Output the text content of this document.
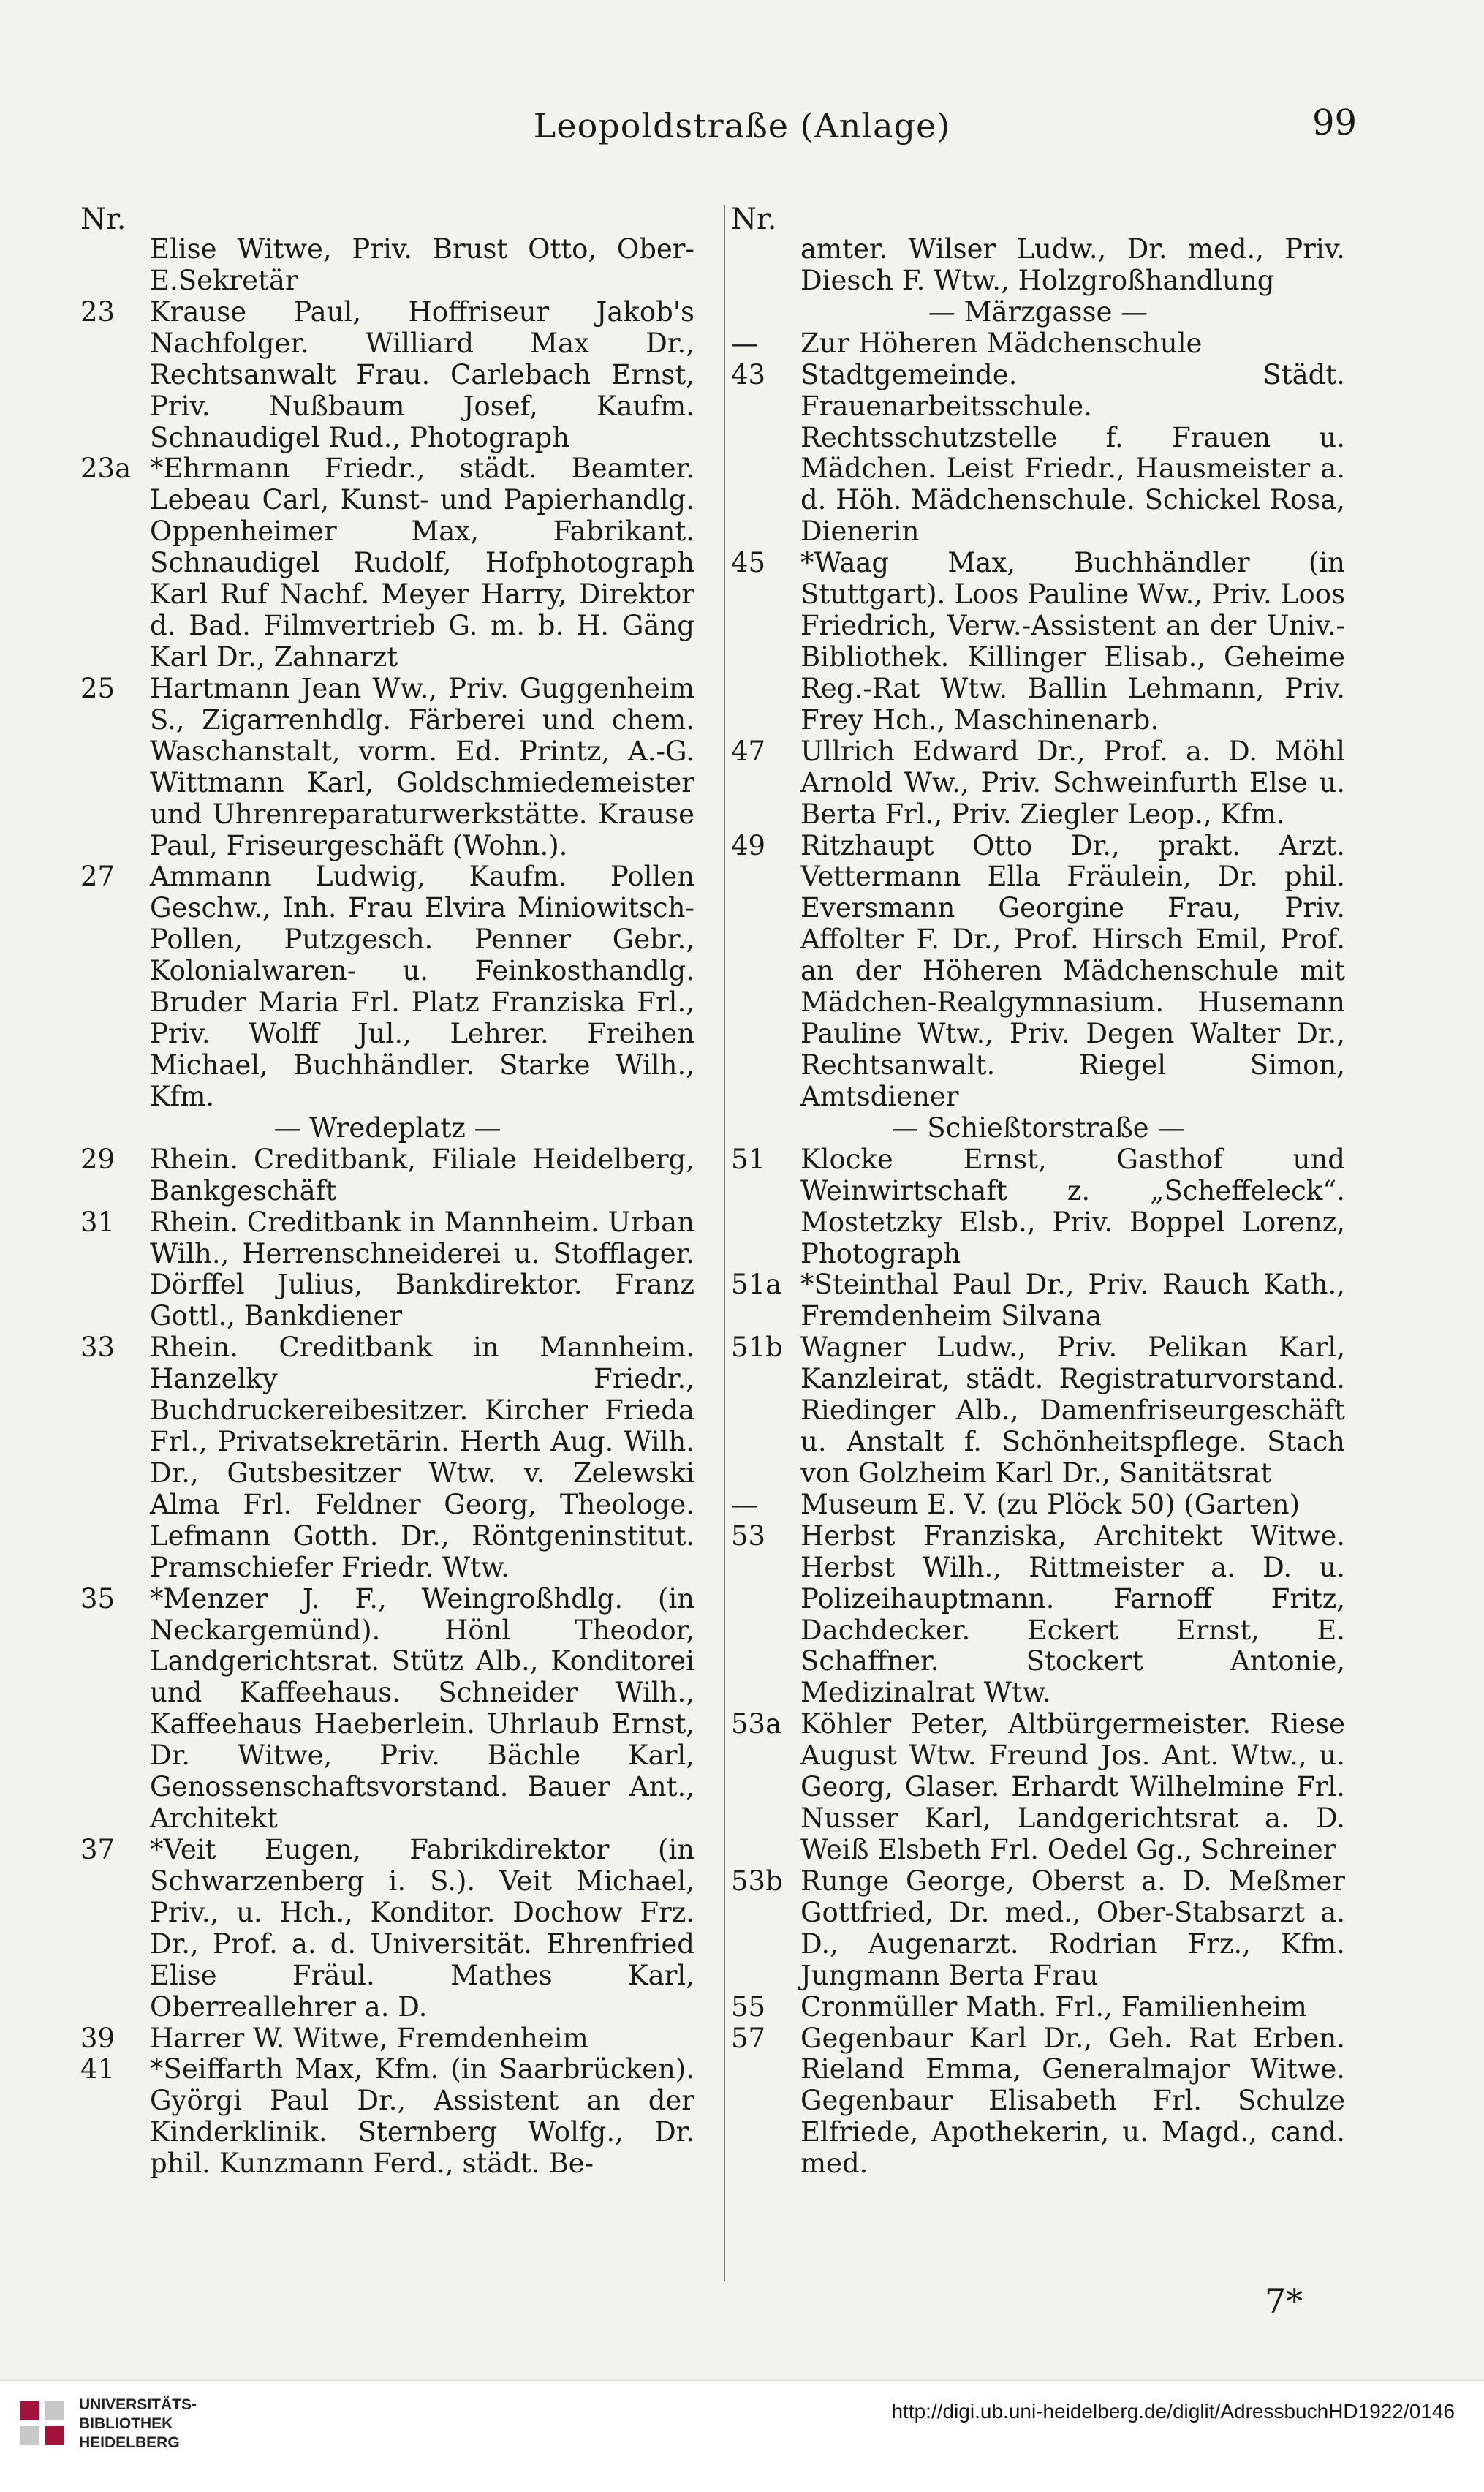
Leopoldstraße (Anlage)	99
Nr.
Elise Witwe, Priv. Brust Otto, Ober-E.Sekretär
23	Krause Paul, Hoffriseur Jakob's Nachfolger. Williard Max Dr., Rechtsanwalt Frau. Carlebach Ernst, Priv. Nußbaum Josef, Kaufm. Schnaudigel Rud., Photograph
23a *Ehrmann Friedr., städt. Beamter. Lebeau Carl, Kunst- und Papierhandlg. Oppenheimer Max, Fabrikant. Schnaudigel Rudolf, Hofphotograph Karl Ruf Nachf. Meyer Harry, Direktor d. Bad. Filmvertrieb G. m. b. H. Gäng Karl Dr., Zahnarzt
25	Hartmann Jean Ww., Priv. Guggenheim S., Zigarrenhdlg. Färberei und chem. Waschanstalt, vorm. Ed. Printz, A.-G. Wittmann Karl, Goldschmiedemeister und Uhrenreparaturwerkstätte. Krause Paul, Friseurgeschäft (Wohn.).
27	Ammann Ludwig, Kaufm. Pollen Geschw., Inh. Frau Elvira Miniowitsch-Pollen, Putzgesch. Penner Gebr., Kolonialwaren- u. Feinkosthandlg. Bruder Maria Frl. Platz Franziska Frl., Priv. Wolff Jul., Lehrer. Freihen Michael, Buchhändler. Starke Wilh., Kfm.
— Wredeplatz —
29	Rhein. Creditbank, Filiale Heidelberg, Bankgeschäft
31	Rhein. Creditbank in Mannheim. Urban Wilh., Herrenschneiderei u. Stofflager. Dörffel Julius, Bankdirektor. Franz Gottl., Bankdiener
33	Rhein. Creditbank in Mannheim. Hanzelky Friedr., Buchdruckereibesitzer. Kircher Frieda Frl., Privatsekretärin. Herth Aug. Wilh. Dr., Gutsbesitzer Wtw. v. Zelewski Alma Frl. Feldner Georg, Theologe. Lefmann Gotth. Dr., Röntgeninstitut. Pramschiefer Friedr. Wtw.
35	*Menzer J. F., Weingroßhdlg. (in Neckargemünd). Hönl Theodor, Landgerichtsrat. Stütz Alb., Konditorei und Kaffeehaus. Schneider Wilh., Kaffeehaus Haeberlein. Uhrlaub Ernst, Dr. Witwe, Priv. Bächle Karl, Genossenschaftsvorstand. Bauer Ant., Architekt
37	*Veit Eugen, Fabrikdirektor (in Schwarzenberg i. S.). Veit Michael, Priv., u. Hch., Konditor. Dochow Frz. Dr., Prof. a. d. Universität. Ehrenfried Elise Fräul. Mathes Karl, Oberreallehrer a. D.
39	Harrer W. Witwe, Fremdenheim
41	*Seiffarth Max, Kfm. (in Saarbrücken). Györgi Paul Dr., Assistent an der Kinderklinik. Sternberg Wolfg., Dr. phil. Kunzmann Ferd., städt. Be-
Nr.
amter. Wilser Ludw., Dr. med., Priv. Diesch F. Wtw., Holzgroßhandlung
— Märzgasse —
—	Zur Höheren Mädchenschule
43	Stadtgemeinde. Städt. Frauenarbeitsschule. Rechtsschutzstelle f. Frauen u. Mädchen. Leist Friedr., Hausmeister a. d. Höh. Mädchenschule. Schickel Rosa, Dienerin
45	*Waag Max, Buchhändler (in Stuttgart). Loos Pauline Ww., Priv. Loos Friedrich, Verw.-Assistent an der Univ.-Bibliothek. Killinger Elisab., Geheime Reg.-Rat Wtw. Ballin Lehmann, Priv. Frey Hch., Maschinenarb.
47	Ullrich Edward Dr., Prof. a. D. Möhl Arnold Ww., Priv. Schweinfurth Else u. Berta Frl., Priv. Ziegler Leop., Kfm.
49	Ritzhaupt Otto Dr., prakt. Arzt. Vettermann Ella Fräulein, Dr. phil. Eversmann Georgine Frau, Priv. Affolter F. Dr., Prof. Hirsch Emil, Prof. an der Höheren Mädchenschule mit Mädchen-Realgymnasium. Husemann Pauline Wtw., Priv. Degen Walter Dr., Rechtsanwalt. Riegel Simon, Amtsdiener
— Schießtorstraße —
51	Klocke Ernst, Gasthof und Weinwirtschaft z. „Scheffeleck“. Mostetzky Elsb., Priv. Boppel Lorenz, Photograph
51a *Steinthal Paul Dr., Priv. Rauch Kath., Fremdenheim Silvana
51b Wagner Ludw., Priv. Pelikan Karl, Kanzleirat, städt. Registraturvorstand. Riedinger Alb., Damenfriseurgeschäft u. Anstalt f. Schönheitspflege. Stach von Golzheim Karl Dr., Sanitätsrat
—	Museum E. V. (zu Plöck 50) (Garten)
53	Herbst Franziska, Architekt Witwe. Herbst Wilh., Rittmeister a. D. u. Polizeihauptmann. Farnoff Fritz, Dachdecker. Eckert Ernst, E. Schaffner. Stockert Antonie, Medizinalrat Wtw.
53a Köhler Peter, Altbürgermeister. Riese August Wtw. Freund Jos. Ant. Wtw., u. Georg, Glaser. Erhardt Wilhelmine Frl. Nusser Karl, Landgerichtsrat a. D. Weiß Elsbeth Frl. Oedel Gg., Schreiner
53b Runge George, Oberst a. D. Meßmer Gottfried, Dr. med., Ober-Stabsarzt a. D., Augenarzt. Rodrian Frz., Kfm. Jungmann Berta Frau
55	Cronmüller Math. Frl., Familienheim
57	Gegenbaur Karl Dr., Geh. Rat Erben. Rieland Emma, Generalmajor Witwe. Gegenbaur Elisabeth Frl. Schulze Elfriede, Apothekerin, u. Magd., cand. med.
7*
UNIVERSITÄTS-
BIBLIOTHEK
HEIDELBERG
http://digi.ub.uni-heidelberg.de/diglit/AdressbuchHD1922/0146
